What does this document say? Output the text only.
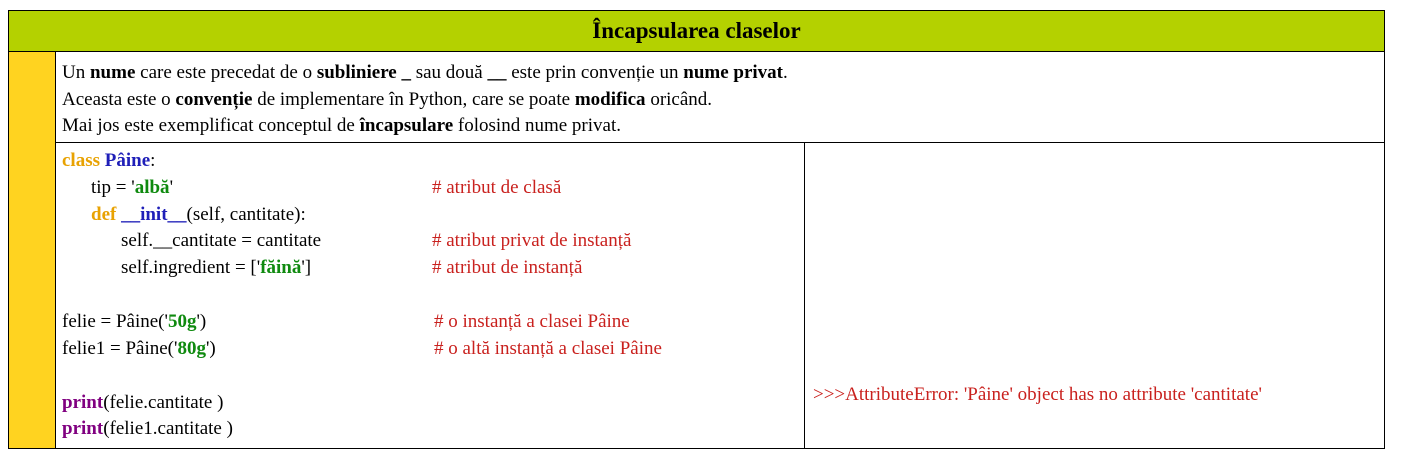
Încapsularea claselor
Un nume care este precedat de o subliniere _ sau două __ este prin convenție un nume privat.
Aceasta este o convenție de implementare în Python, care se poate modifica oricând.
Mai jos este exemplificat conceptul de încapsulare folosind nume privat.
class Pâine:
tip = 'albă'	# atribut de clasă
def __init__(self, cantitate):
self.__cantitate = cantitate	# atribut privat de instanță
self.ingredient = ['făină']	# atribut de instanță
felie = Pâine('50g')	# o instanță a clasei Pâine
felie1 = Pâine('80g')	# o altă instanță a clasei Pâine
print(felie.cantitate )
print(felie1.cantitate )
>>>AttributeError: 'Pâine' object has no attribute 'cantitate'
